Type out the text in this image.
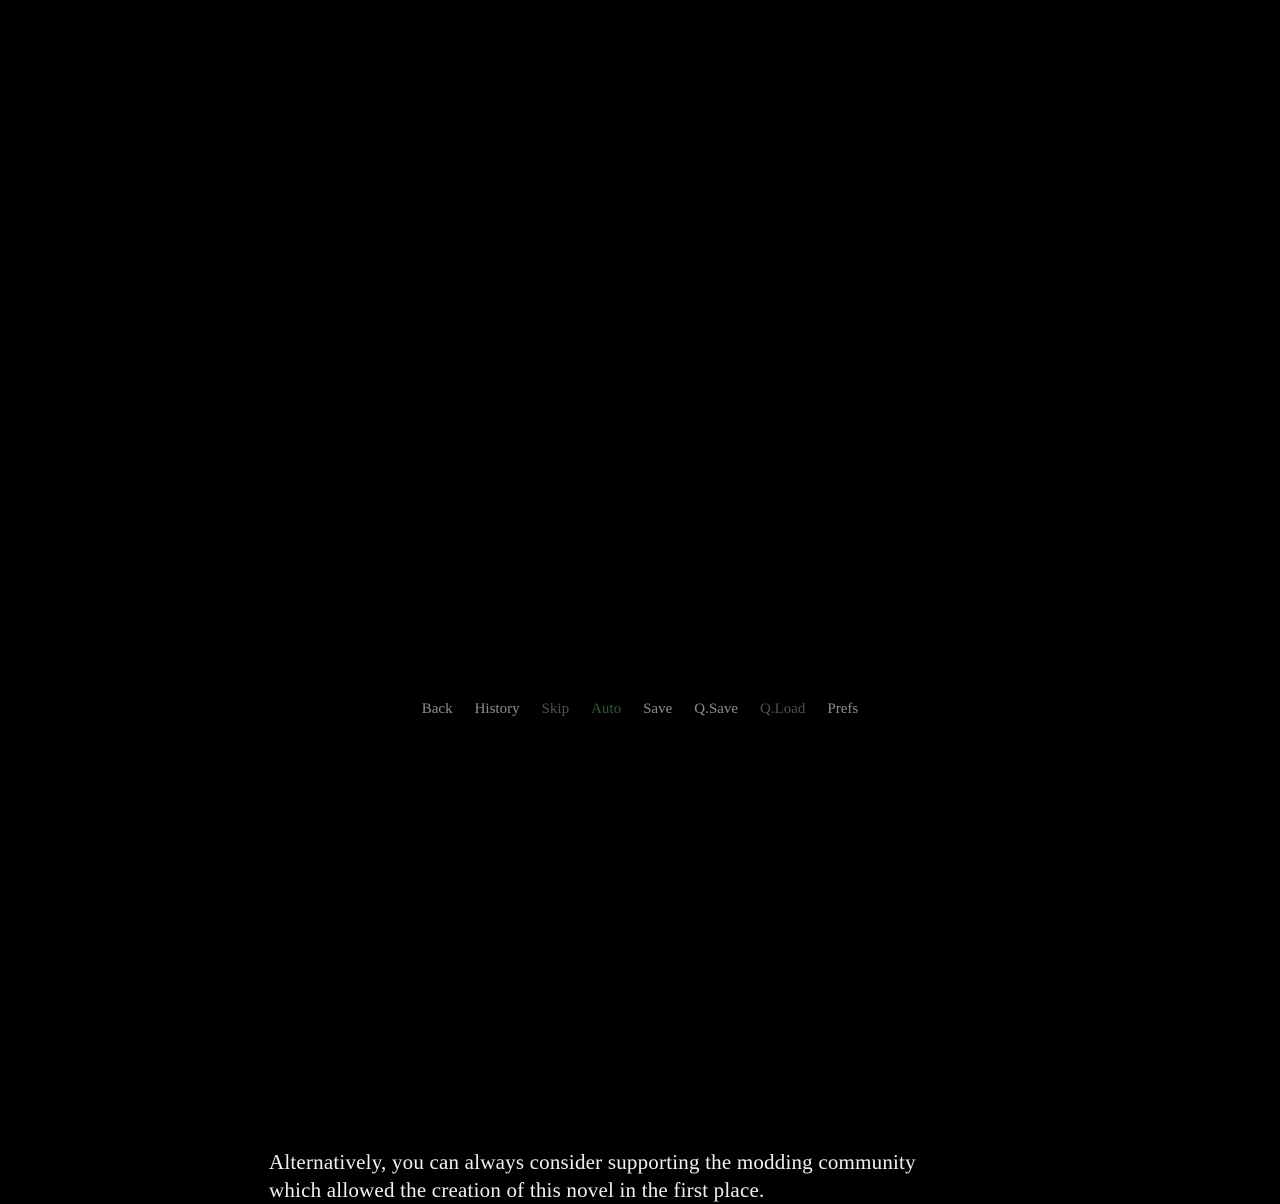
Alternatively, you can always consider supporting the modding community
which allowed the creation of this novel in the first place.
Back History Skip Auto Save Q.Save Q.Load Prefs
